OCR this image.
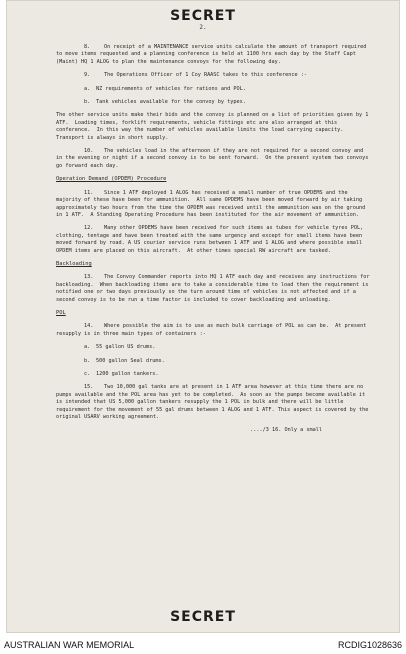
SECRET
2.
8.	On receipt of a MAINTENANCE service units calculate the amount of transport required to move items requested and a planning conference is held at 1100 hrs each day by the Staff Capt (Maint) HQ 1 ALOG to plan the maintenance convoys for the following day.
9.	The Operations Officer of 1 Coy RAASC takes to this conference :-
a. NZ requirements of vehicles for rations and POL.
b. Tank vehicles available for the convoy by types.
The other service units make their bids and the convoy is planned on a list of priorities given by 1 ATF.  Loading times, forklift requirements, vehicle fittings etc are also arranged at this conference.  In this way the number of vehicles available limits the load carrying capacity. Transport is always in short supply.
10. The vehicles load in the afternoon if they are not required for a second convoy and in the evening or night if a second convoy is to be sent forward.  On the present system two convoys go forward each day.
Operation Demand (OPDEM) Procedure
11. Since 1 ATF deployed 1 ALOG has received a small number of true OPDEMS and the majority of these have been for ammunition.  All same OPDEMS have been moved forward by air taking approximately two hours from the time the OPDEM was received until the ammunition was on the ground in 1 ATF.  A Standing Operating Procedure has been instituted for the air movement of ammunition.
12. Many other OPDEMS have been received for such items as tubes for vehicle tyres POL, clothing, tentage and have been treated with the same urgency and except for small items have been moved forward by road. A US courier service runs between 1 ATF and 1 ALOG and where possible small OPDEM items are placed on this aircraft.  At other times special RW aircraft are tasked.
Backloading
13. The Convoy Commander reports into HQ 1 ATF each day and receives any instructions for backloading.  When backloading items are to take a considerable time to load then the requirement is notified one or two days previously so the turn around time of vehicles is not affected and if a second convoy is to be run a time factor is included to cover backloading and unloading.
POL
14. Where possible the aim is to use as much bulk carriage of POL as can be.  At present resupply is in three main types of containers :-
a. 55 gallon US drums.
b. 500 gallon Seal drums.
c. 1200 gallon tankers.
15. Two 10,000 gal tanks are at present in 1 ATF area however at this time there are no pumps available and the POL area has yet to be completed.  As soon as the pumps become available it is intended that US 5,000 gallon tankers resupply the 1 POL in bulk and there will be little requirement for the movement of 55 gal drums between 1 ALOG and 1 ATF. This aspect is covered by the original USARV working agreement.
..../3 16. Only a small
SECRET
AUSTRALIAN WAR MEMORIAL	RCDIG1028636
